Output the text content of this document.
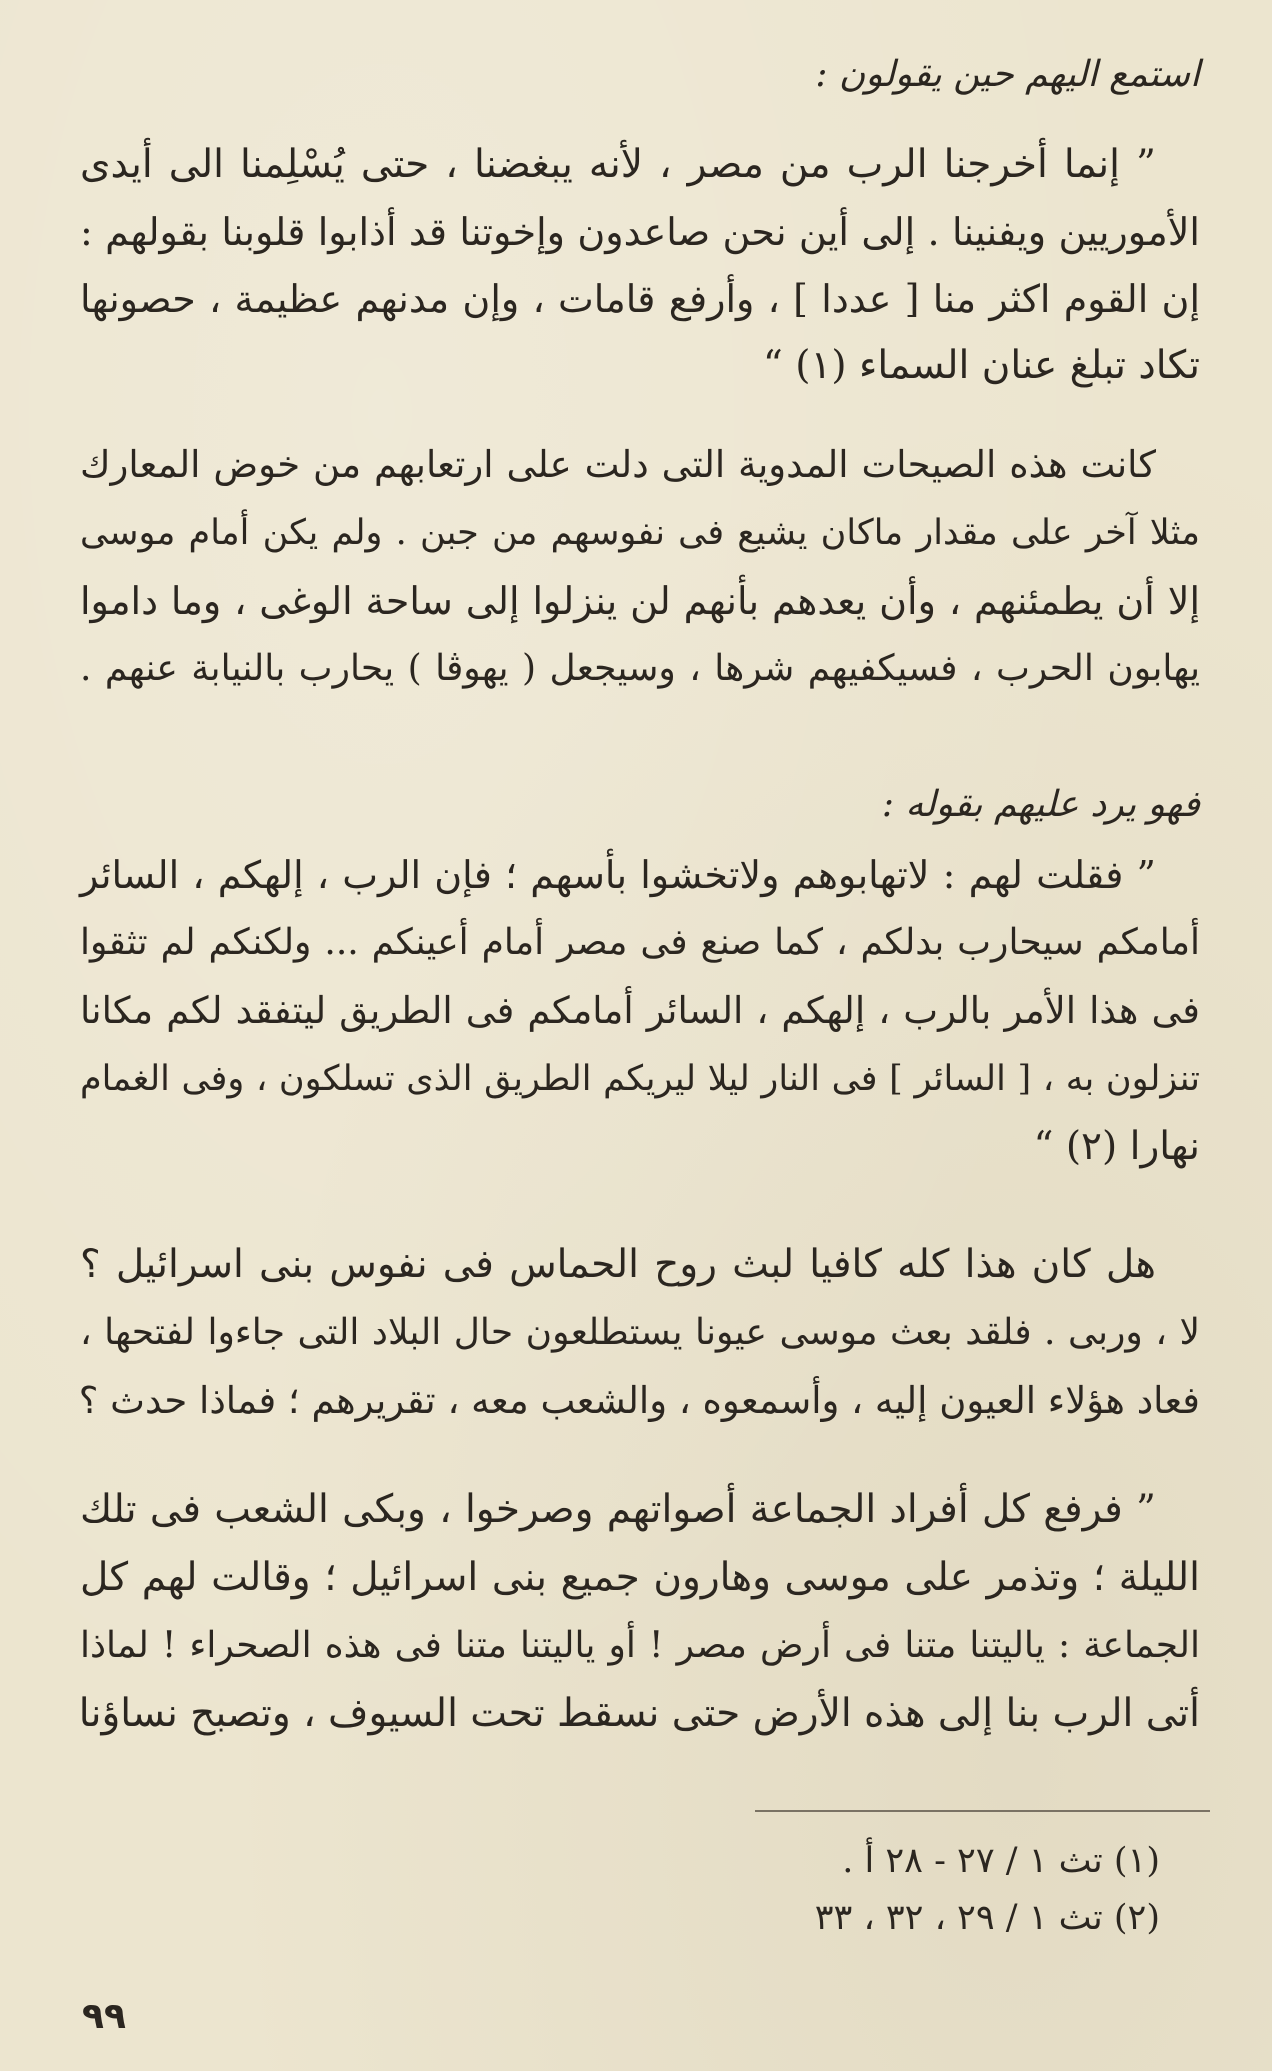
استمع اليهم حين يقولون :
” إنما أخرجنا الرب من مصر ، لأنه يبغضنا ، حتى يُسْلِمنا الى أيدى
الأموريين ويفنينا . إلى أين نحن صاعدون وإخوتنا قد أذابوا قلوبنا بقولهم :
إن القوم اكثر منا [ عددا ] ، وأرفع قامات ، وإن مدنهم عظيمة ، حصونها
تكاد تبلغ عنان السماء (١) “
كانت هذه الصيحات المدوية التى دلت على ارتعابهم من خوض المعارك
مثلا آخر على مقدار ماكان يشيع فى نفوسهم من جبن . ولم يكن أمام موسى
إلا أن يطمئنهم ، وأن يعدهم بأنهم لن ينزلوا إلى ساحة الوغى ، وما داموا
يهابون الحرب ، فسيكفيهم شرها ، وسيجعل ( يهوڤا ) يحارب بالنيابة عنهم .
فهو يرد عليهم بقوله :
” فقلت لهم : لاتهابوهم ولاتخشوا بأسهم ؛ فإن الرب ، إلهكم ، السائر
أمامكم سيحارب بدلكم ، كما صنع فى مصر أمام أعينكم ... ولكنكم لم تثقوا
فى هذا الأمر بالرب ، إلهكم ، السائر أمامكم فى الطريق ليتفقد لكم مكانا
تنزلون به ، [ السائر ] فى النار ليلا ليريكم الطريق الذى تسلكون ، وفى الغمام
نهارا (٢) “
هل كان هذا كله كافيا لبث روح الحماس فى نفوس بنى اسرائيل ؟
لا ، وربى . فلقد بعث موسى عيونا يستطلعون حال البلاد التى جاءوا لفتحها ،
فعاد هؤلاء العيون إليه ، وأسمعوه ، والشعب معه ، تقريرهم ؛ فماذا حدث ؟
” فرفع كل أفراد الجماعة أصواتهم وصرخوا ، وبكى الشعب فى تلك
الليلة ؛ وتذمر على موسى وهارون جميع بنى اسرائيل ؛ وقالت لهم كل
الجماعة : ياليتنا متنا فى أرض مصر ! أو ياليتنا متنا فى هذه الصحراء ! لماذا
أتى الرب بنا إلى هذه الأرض حتى نسقط تحت السيوف ، وتصبح نساؤنا
(١) تث ١ / ٢٧ - ٢٨ أ .
(٢) تث ١ / ٢٩ ، ٣٢ ، ٣٣
٩٩
